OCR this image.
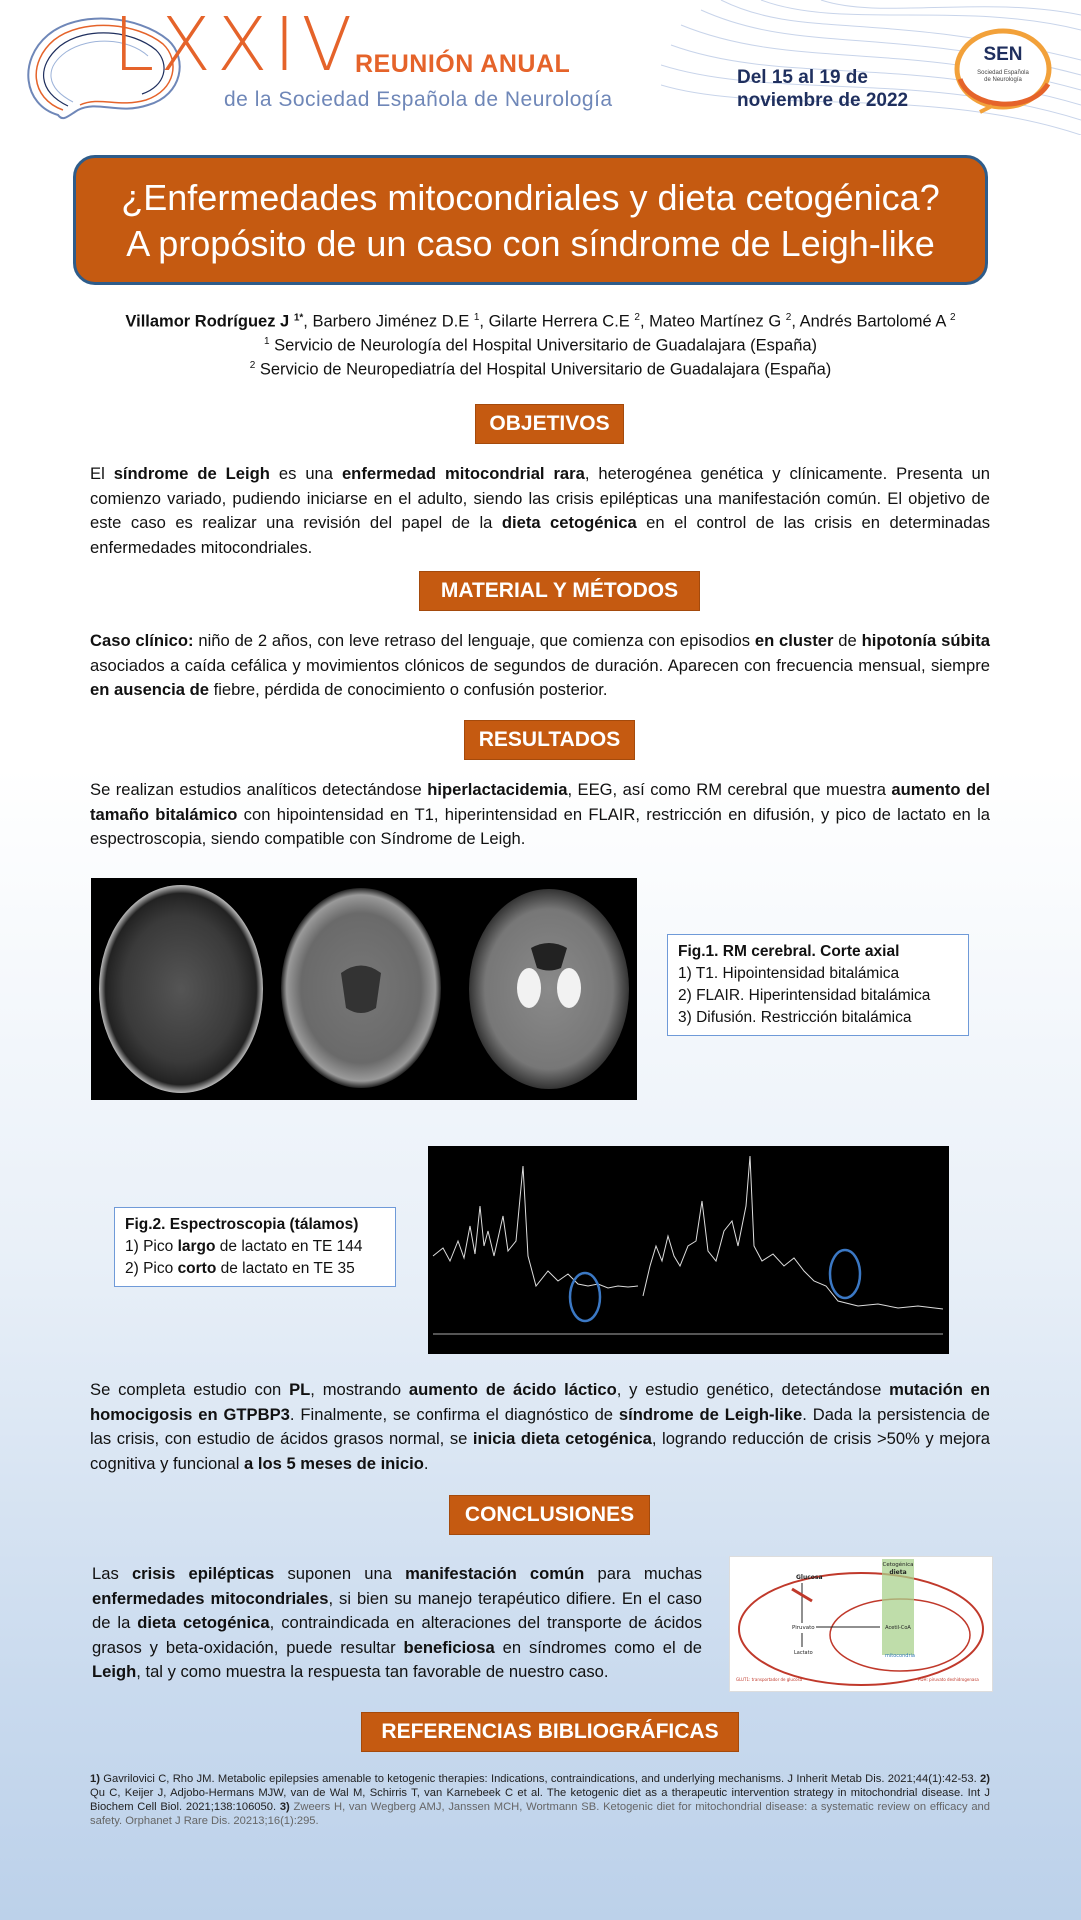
LXXIV
REUNIÓN ANUAL
de la Sociedad Española de Neurología
Del 15 al 19 de
noviembre de 2022
SEN
Sociedad Española
de Neurología
¿Enfermedades mitocondriales y dieta cetogénica?
A propósito de un caso con síndrome de Leigh-like
Villamor Rodríguez J $^{1*}$, Barbero Jiménez D.E $^1$, Gilarte Herrera C.E $^2$, Mateo Martínez G $^2$, Andrés Bartolomé A $^2$
$^1$ Servicio de Neurología del Hospital Universitario de Guadalajara (España)
$^2$ Servicio de Neuropediatría del Hospital Universitario de Guadalajara (España)
OBJETIVOS
El síndrome de Leigh es una enfermedad mitocondrial rara, heterogénea genética y clínicamente. Presenta un comienzo variado, pudiendo iniciarse en el adulto, siendo las crisis epilépticas una manifestación común. El objetivo de este caso es realizar una revisión del papel de la dieta cetogénica en el control de las crisis en determinadas enfermedades mitocondriales.
MATERIAL Y MÉTODOS
Caso clínico: niño de 2 años, con leve retraso del lenguaje, que comienza con episodios en cluster de hipotonía súbita asociados a caída cefálica y movimientos clónicos de segundos de duración. Aparecen con frecuencia mensual, siempre en ausencia de fiebre, pérdida de conocimiento o confusión posterior.
RESULTADOS
Se realizan estudios analíticos detectándose hiperlactacidemia, EEG, así como RM cerebral que muestra aumento del tamaño bitalámico con hipointensidad en T1, hiperintensidad en FLAIR, restricción en difusión, y pico de lactato en la espectroscopia, siendo compatible con Síndrome de Leigh.
Fig.1. RM cerebral. Corte axial
1) T1. Hipointensidad bitalámica
2) FLAIR. Hiperintensidad bitalámica
3) Difusión. Restricción bitalámica
Fig.2. Espectroscopia (tálamos)
1) Pico largo de lactato en TE 144
2) Pico corto de lactato en TE 35
Se completa estudio con PL, mostrando aumento de ácido láctico, y estudio genético, detectándose mutación en homocigosis en GTPBP3. Finalmente, se confirma el diagnóstico de síndrome de Leigh-like. Dada la persistencia de las crisis, con estudio de ácidos grasos normal, se inicia dieta cetogénica, logrando reducción de crisis >50% y mejora cognitiva y funcional a los 5 meses de inicio.
CONCLUSIONES
Las crisis epilépticas suponen una manifestación común para muchas enfermedades mitocondriales, si bien su manejo terapéutico difiere. En el caso de la dieta cetogénica, contraindicada en alteraciones del transporte de ácidos grasos y beta-oxidación, puede resultar beneficiosa en síndromes como el de Leigh, tal y como muestra la respuesta tan favorable de nuestro caso.
Cetogénica
dieta
Glucosa
Piruvato	Acetil-CoA
Lactato	mitocondria
GLUT1: transportador de glucosa	PDH: piruvato deshidrogenasa
REFERENCIAS BIBLIOGRÁFICAS
1) Gavrilovici C, Rho JM. Metabolic epilepsies amenable to ketogenic therapies: Indications, contraindications, and underlying mechanisms. J Inherit Metab Dis. 2021;44(1):42-53. 2) Qu C, Keijer J, Adjobo-Hermans MJW, van de Wal M, Schirris T, van Karnebeek C et al. The ketogenic diet as a therapeutic intervention strategy in mitochondrial disease. Int J Biochem Cell Biol. 2021;138:106050. 3) Zweers H, van Wegberg AMJ, Janssen MCH, Wortmann SB. Ketogenic diet for mitochondrial disease: a systematic review on efficacy and safety. Orphanet J Rare Dis. 20213;16(1):295.
